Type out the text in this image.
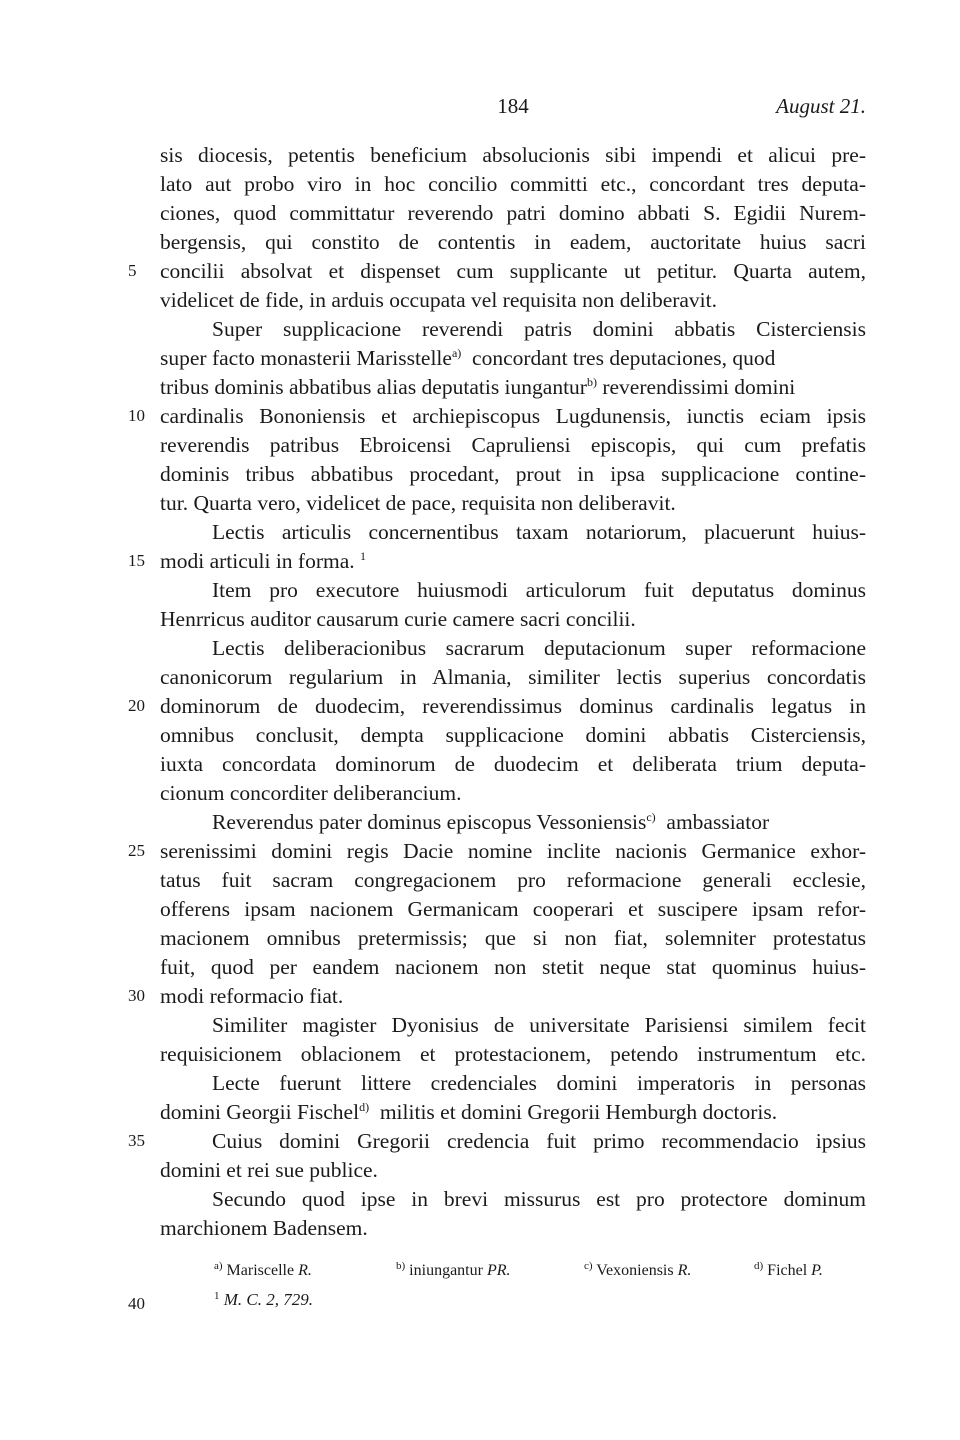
184	August 21.
sis diocesis, petentis beneficium absolucionis sibi impendi et alicui pre-
lato aut probo viro in hoc concilio committi etc., concordant tres deputa-
ciones, quod committatur reverendo patri domino abbati S. Egidii Nurem-
bergensis, qui constito de contentis in eadem, auctoritate huius sacri
concilii absolvat et dispenset cum supplicante ut petitur. Quarta autem,
videlicet de fide, in arduis occupata vel requisita non deliberavit.
Super supplicacione reverendi patris domini abbatis Cisterciensis
super facto monasterii Marisstelle$^{a)}$ concordant tres deputaciones, quod
tribus dominis abbatibus alias deputatis iungantur$^{b)}$ reverendissimi domini
cardinalis Bononiensis et archiepiscopus Lugdunensis, iunctis eciam ipsis
reverendis patribus Ebroicensi Capruliensi episcopis, qui cum prefatis
dominis tribus abbatibus procedant, prout in ipsa supplicacione contine-
tur. Quarta vero, videlicet de pace, requisita non deliberavit.
Lectis articulis concernentibus taxam notariorum, placuerunt huius-
modi articuli in forma. $^1$
Item pro executore huiusmodi articulorum fuit deputatus dominus
Henrricus auditor causarum curie camere sacri concilii.
Lectis deliberacionibus sacrarum deputacionum super reformacione
canonicorum regularium in Almania, similiter lectis superius concordatis
dominorum de duodecim, reverendissimus dominus cardinalis legatus in
omnibus conclusit, dempta supplicacione domini abbatis Cisterciensis,
iuxta concordata dominorum de duodecim et deliberata trium deputa-
cionum concorditer deliberancium.
Reverendus pater dominus episcopus Vessoniensis$^{c)}$ ambassiator
serenissimi domini regis Dacie nomine inclite nacionis Germanice exhor-
tatus fuit sacram congregacionem pro reformacione generali ecclesie,
offerens ipsam nacionem Germanicam cooperari et suscipere ipsam refor-
macionem omnibus pretermissis; que si non fiat, solemniter protestatus
fuit, quod per eandem nacionem non stetit neque stat quominus huius-
modi reformacio fiat.
Similiter magister Dyonisius de universitate Parisiensi similem fecit
requisicionem oblacionem et protestacionem, petendo instrumentum etc.
Lecte fuerunt littere credenciales domini imperatoris in personas
domini Georgii Fischel$^{d)}$ militis et domini Gregorii Hemburgh doctoris.
Cuius domini Gregorii credencia fuit primo recommendacio ipsius
domini et rei sue publice.
Secundo quod ipse in brevi missurus est pro protectore dominum
marchionem Badensem.
5
10
15
20
25
30
35
40
$^{a)}$ Mariscelle R.	$^{b)}$ iniungantur PR.	$^{c)}$ Vexoniensis R.	$^{d)}$ Fichel P.
$^1$ M. C. 2, 729.
